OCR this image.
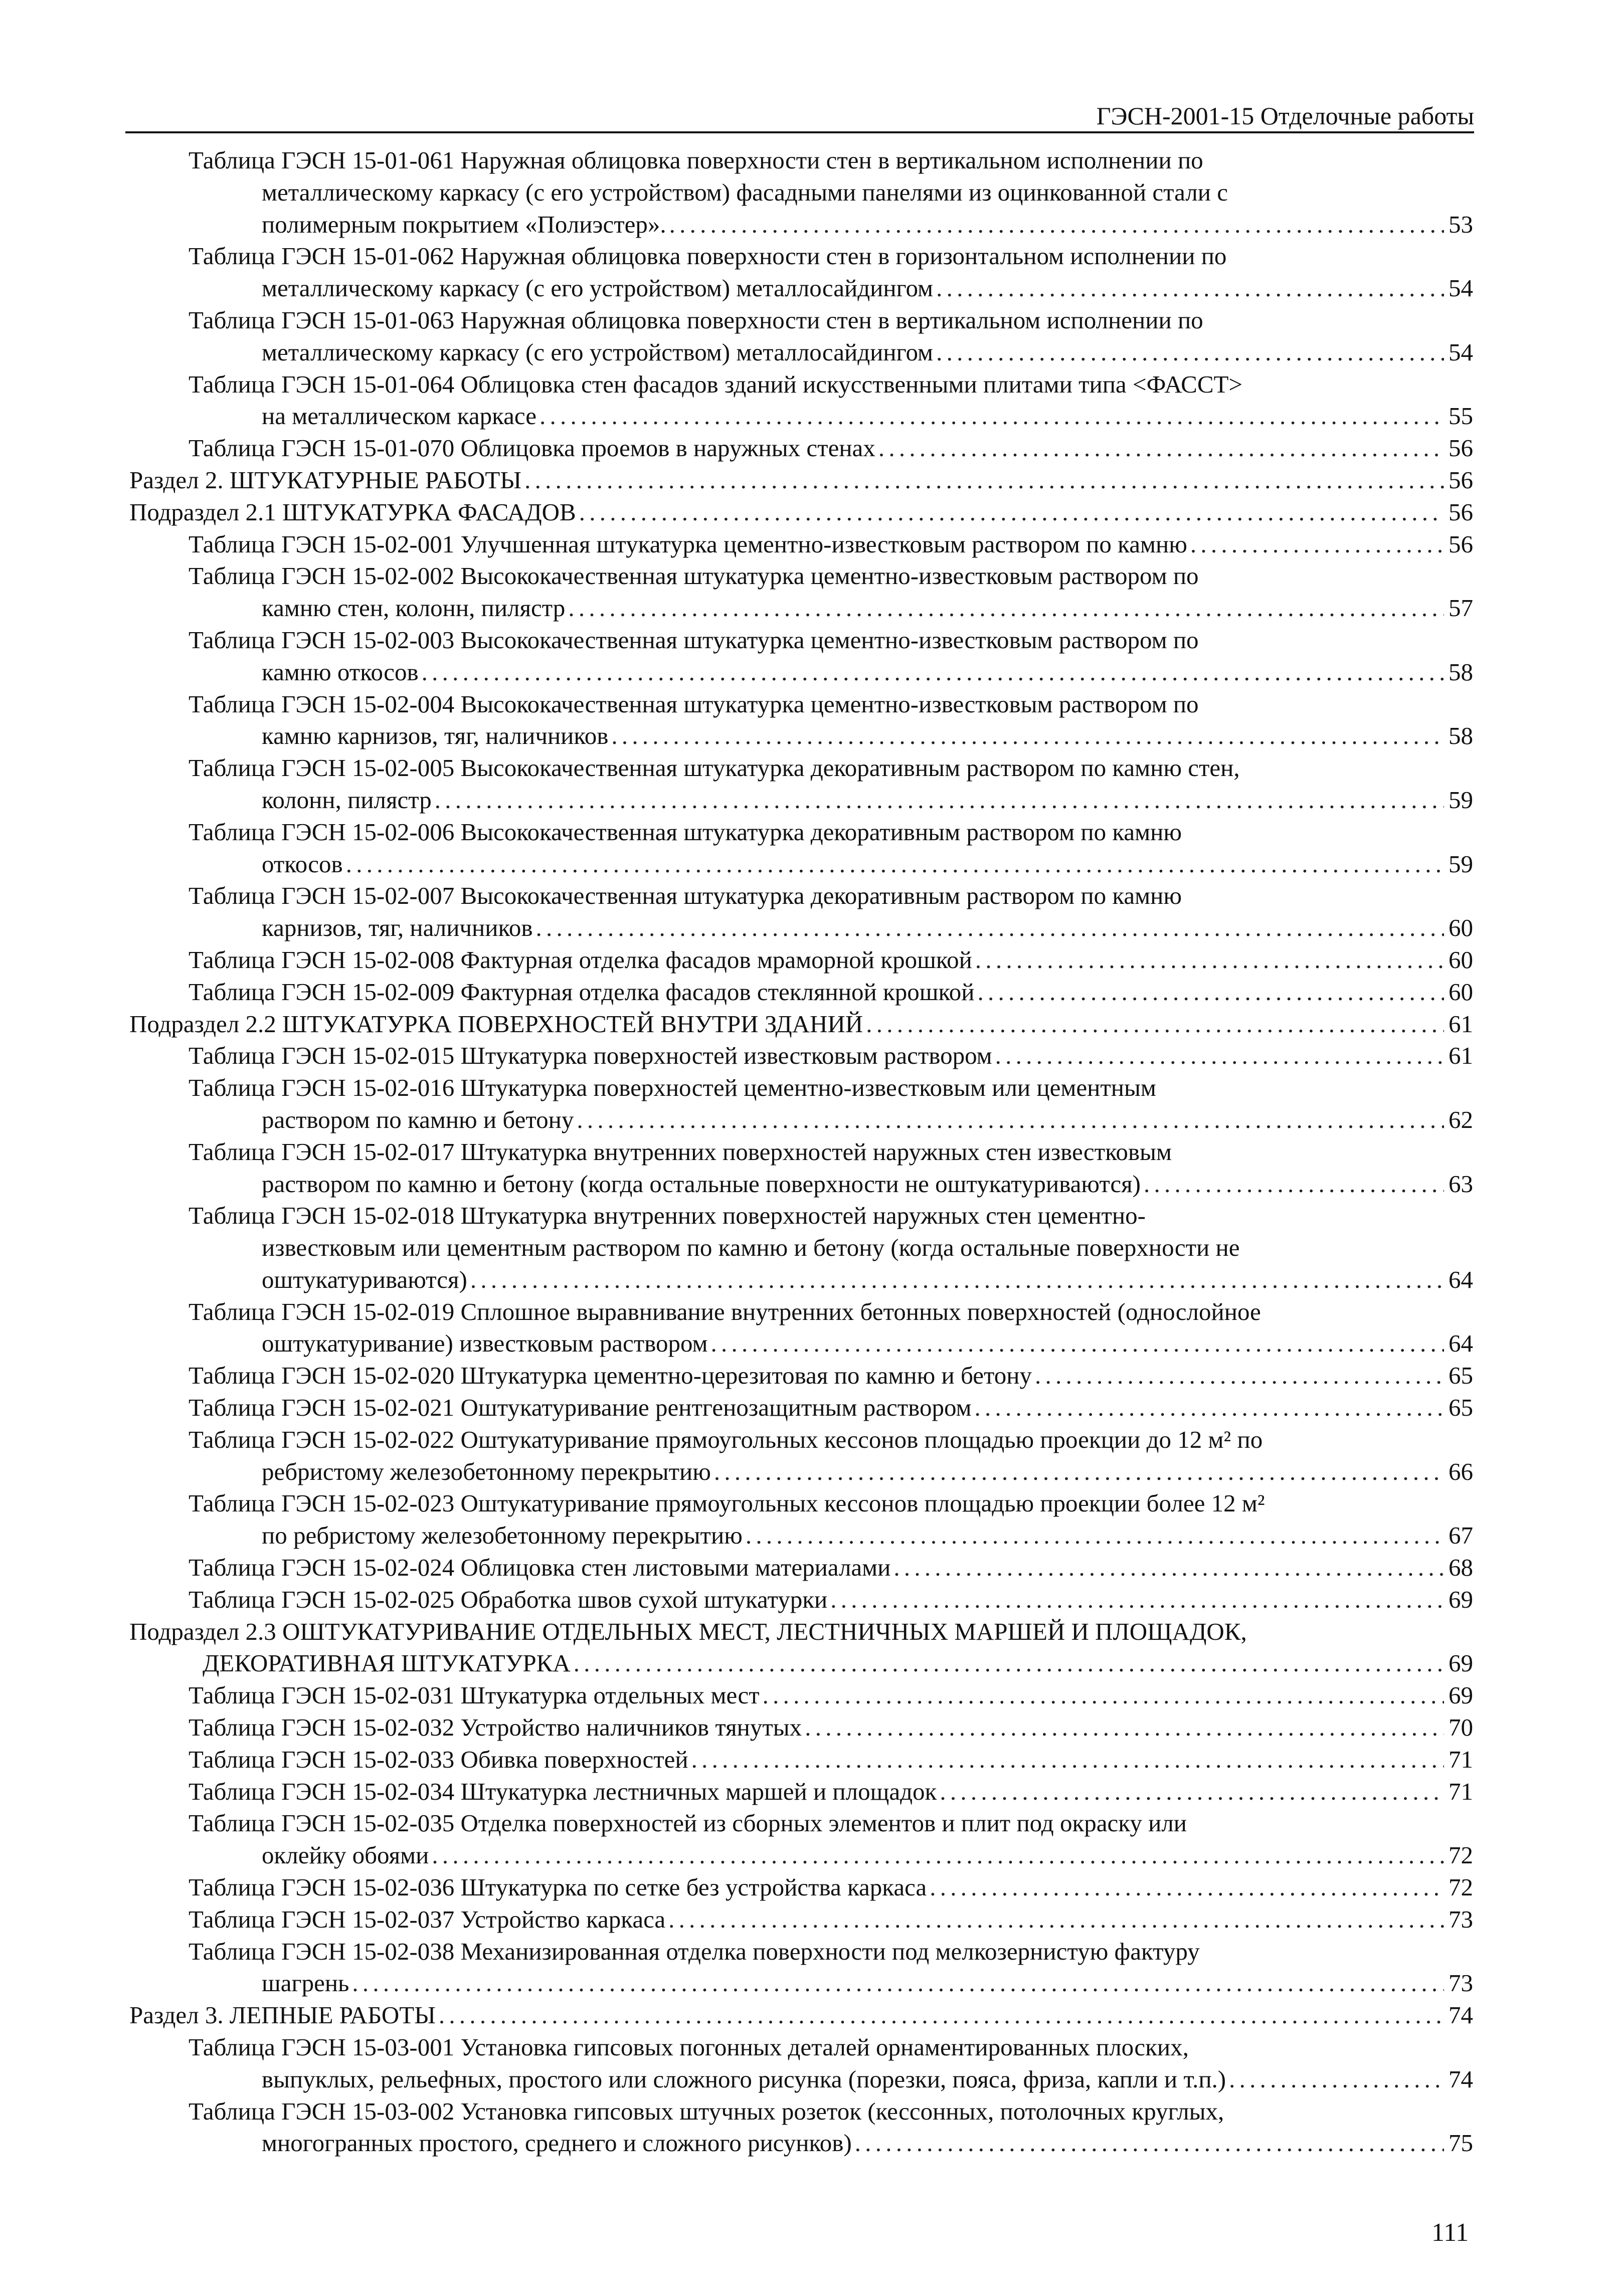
ГЭСН-2001-15 Отделочные работы
Таблица ГЭСН 15-01-061 Наружная облицовка поверхности стен в вертикальном исполнении по
металлическому каркасу (с его устройством) фасадными панелями из оцинкованной стали с
полимерным покрытием «Полиэстер». . . .	53
Таблица ГЭСН 15-01-062 Наружная облицовка поверхности стен в горизонтальном исполнении по
металлическому каркасу (с его устройством) металлосайдингом . . .	54
Таблица ГЭСН 15-01-063 Наружная облицовка поверхности стен в вертикальном исполнении по
металлическому каркасу (с его устройством) металлосайдингом . . .	54
Таблица ГЭСН 15-01-064 Облицовка стен фасадов зданий искусственными плитами типа <ФАССТ>
на металлическом каркасе . . .	55
Таблица ГЭСН 15-01-070 Облицовка проемов в наружных стенах . . .	56
Раздел 2. ШТУКАТУРНЫЕ РАБОТЫ . . .	56
Подраздел 2.1 ШТУКАТУРКА ФАСАДОВ . . .	56
Таблица ГЭСН 15-02-001 Улучшенная штукатурка цементно-известковым раствором по камню . . .	56
Таблица ГЭСН 15-02-002 Высококачественная штукатурка цементно-известковым раствором по
камню стен, колонн, пилястр . . .	57
Таблица ГЭСН 15-02-003 Высококачественная штукатурка цементно-известковым раствором по
камню откосов . . .	58
Таблица ГЭСН 15-02-004 Высококачественная штукатурка цементно-известковым раствором по
камню карнизов, тяг, наличников . . .	58
Таблица ГЭСН 15-02-005 Высококачественная штукатурка декоративным раствором по камню стен,
колонн, пилястр . . .	59
Таблица ГЭСН 15-02-006 Высококачественная штукатурка декоративным раствором по камню
откосов . . .	59
Таблица ГЭСН 15-02-007 Высококачественная штукатурка декоративным раствором по камню
карнизов, тяг, наличников . . .	60
Таблица ГЭСН 15-02-008 Фактурная отделка фасадов мраморной крошкой . . .	60
Таблица ГЭСН 15-02-009 Фактурная отделка фасадов стеклянной крошкой . . .	60
Подраздел 2.2 ШТУКАТУРКА ПОВЕРХНОСТЕЙ ВНУТРИ ЗДАНИЙ . . .	61
Таблица ГЭСН 15-02-015 Штукатурка поверхностей известковым раствором . . .	61
Таблица ГЭСН 15-02-016 Штукатурка поверхностей цементно-известковым или цементным
раствором по камню и бетону . . .	62
Таблица ГЭСН 15-02-017 Штукатурка внутренних поверхностей наружных стен известковым
раствором по камню и бетону (когда остальные поверхности не оштукатуриваются) . . .	63
Таблица ГЭСН 15-02-018 Штукатурка внутренних поверхностей наружных стен цементно-
известковым или цементным раствором по камню и бетону (когда остальные поверхности не
оштукатуриваются) . . .	64
Таблица ГЭСН 15-02-019 Сплошное выравнивание внутренних бетонных поверхностей (однослойное
оштукатуривание) известковым раствором . . .	64
Таблица ГЭСН 15-02-020 Штукатурка цементно-церезитовая по камню и бетону . . .	65
Таблица ГЭСН 15-02-021 Оштукатуривание рентгенозащитным раствором . . .	65
Таблица ГЭСН 15-02-022 Оштукатуривание прямоугольных кессонов площадью проекции до 12 м² по
ребристому железобетонному перекрытию . . .	66
Таблица ГЭСН 15-02-023 Оштукатуривание прямоугольных кессонов площадью проекции более 12 м²
по ребристому железобетонному перекрытию . . .	67
Таблица ГЭСН 15-02-024 Облицовка стен листовыми материалами . . .	68
Таблица ГЭСН 15-02-025 Обработка швов сухой штукатурки . . .	69
Подраздел 2.3 ОШТУКАТУРИВАНИЕ ОТДЕЛЬНЫХ МЕСТ, ЛЕСТНИЧНЫХ МАРШЕЙ И ПЛОЩАДОК,
ДЕКОРАТИВНАЯ ШТУКАТУРКА . . .	69
Таблица ГЭСН 15-02-031 Штукатурка отдельных мест . . .	69
Таблица ГЭСН 15-02-032 Устройство наличников тянутых . . .	70
Таблица ГЭСН 15-02-033 Обивка поверхностей . . .	71
Таблица ГЭСН 15-02-034 Штукатурка лестничных маршей и площадок . . .	71
Таблица ГЭСН 15-02-035 Отделка поверхностей из сборных элементов и плит под окраску или
оклейку обоями . . .	72
Таблица ГЭСН 15-02-036 Штукатурка по сетке без устройства каркаса . . .	72
Таблица ГЭСН 15-02-037 Устройство каркаса . . .	73
Таблица ГЭСН 15-02-038 Механизированная отделка поверхности под мелкозернистую фактуру
шагрень . . .	73
Раздел 3. ЛЕПНЫЕ РАБОТЫ . . .	74
Таблица ГЭСН 15-03-001 Установка гипсовых погонных деталей орнаментированных плоских,
выпуклых, рельефных, простого или сложного рисунка (порезки, пояса, фриза, капли и т.п.) . . .	74
Таблица ГЭСН 15-03-002 Установка гипсовых штучных розеток (кессонных, потолочных круглых,
многогранных простого, среднего и сложного рисунков) . . .	75
111
